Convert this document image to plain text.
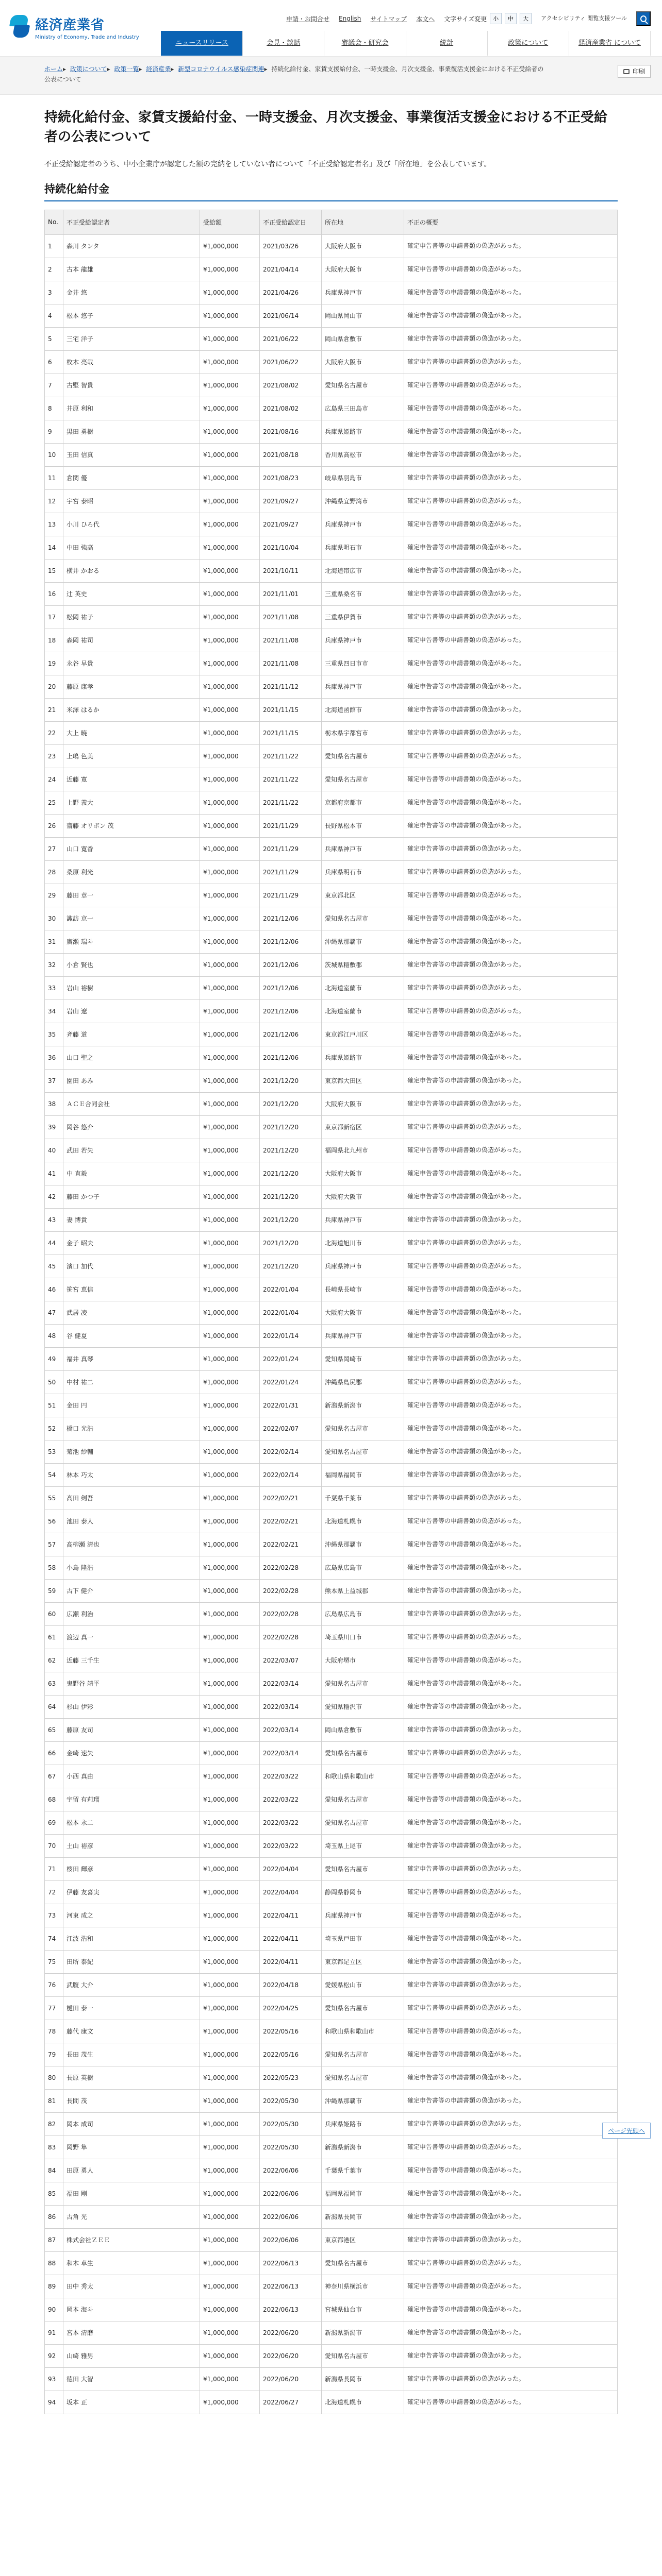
経済産業省
Ministry of Economy, Trade and Industry
申請・お問合せ English サイトマップ 本文へ 文字サイズ変更	小	中	大	アクセシビリティ 閲覧支援ツール
ニュースリリース	会見・談話	審議会・研究会	統計	政策について	経済産業省 について
ホーム▸ 政策について▸ 政策一覧▸ 経済産業▸ 新型コロナウイルス感染症関連▸ 持続化給付金、家賃支援給付金、一時支援金、月次支援金、事業復活支援金における不正受給者の公表について
印刷
持続化給付金、家賃支援給付金、一時支援金、月次支援金、事業復活支援金における不正受給者の公表について

不正受給認定者のうち、中小企業庁が認定した額の完納をしていない者について「不正受給認定者名」及び「所在地」を公表しています。

持続化給付金
No.	不正受給認定者	受給額	不正受給認定日	所在地	不正の概要
1	森川 タンタ	¥1,000,000	2021/03/26	大阪府大阪市	確定申告書等の申請書類の偽造があった。
2	古本 龍雄	¥1,000,000	2021/04/14	大阪府大阪市	確定申告書等の申請書類の偽造があった。
3	金井 悠	¥1,000,000	2021/04/26	兵庫県神戸市	確定申告書等の申請書類の偽造があった。
4	松本 悠子	¥1,000,000	2021/06/14	岡山県岡山市	確定申告書等の申請書類の偽造があった。
5	三宅 洋子	¥1,000,000	2021/06/22	岡山県倉敷市	確定申告書等の申請書類の偽造があった。
6	枚木 亮哉	¥1,000,000	2021/06/22	大阪府大阪市	確定申告書等の申請書類の偽造があった。
7	古堅 智貴	¥1,000,000	2021/08/02	愛知県名古屋市	確定申告書等の申請書類の偽造があった。
8	井原 利和	¥1,000,000	2021/08/02	広島県三田島市	確定申告書等の申請書類の偽造があった。
9	黒田 勇樹	¥1,000,000	2021/08/16	兵庫県姫路市	確定申告書等の申請書類の偽造があった。
10	玉田 信真	¥1,000,000	2021/08/18	香川県高松市	確定申告書等の申請書類の偽造があった。
11	倉関 優	¥1,000,000	2021/08/23	岐阜県羽島市	確定申告書等の申請書類の偽造があった。
12	宇宮 泰昭	¥1,000,000	2021/09/27	沖縄県宜野湾市	確定申告書等の申請書類の偽造があった。
13	小川 ひろ代	¥1,000,000	2021/09/27	兵庫県神戸市	確定申告書等の申請書類の偽造があった。
14	中田 強高	¥1,000,000	2021/10/04	兵庫県明石市	確定申告書等の申請書類の偽造があった。
15	横井 かおる	¥1,000,000	2021/10/11	北海道帯広市	確定申告書等の申請書類の偽造があった。
16	辻 英史	¥1,000,000	2021/11/01	三重県桑名市	確定申告書等の申請書類の偽造があった。
17	松岡 祐子	¥1,000,000	2021/11/08	三重県伊賀市	確定申告書等の申請書類の偽造があった。
18	森岡 祐司	¥1,000,000	2021/11/08	兵庫県神戸市	確定申告書等の申請書類の偽造があった。
19	永谷 早貴	¥1,000,000	2021/11/08	三重県四日市市	確定申告書等の申請書類の偽造があった。
20	藤原 康孝	¥1,000,000	2021/11/12	兵庫県神戸市	確定申告書等の申請書類の偽造があった。
21	米澤 はるか	¥1,000,000	2021/11/15	北海道函館市	確定申告書等の申請書類の偽造があった。
22	大上 暁	¥1,000,000	2021/11/15	栃木県宇都宮市	確定申告書等の申請書類の偽造があった。
23	上嶋 色美	¥1,000,000	2021/11/22	愛知県名古屋市	確定申告書等の申請書類の偽造があった。
24	近藤 寛	¥1,000,000	2021/11/22	愛知県名古屋市	確定申告書等の申請書類の偽造があった。
25	上野 義大	¥1,000,000	2021/11/22	京都府京都市	確定申告書等の申請書類の偽造があった。
26	齋藤 オリボン 茂	¥1,000,000	2021/11/29	長野県松本市	確定申告書等の申請書類の偽造があった。
27	山口 寛香	¥1,000,000	2021/11/29	兵庫県神戸市	確定申告書等の申請書類の偽造があった。
28	桑原 利光	¥1,000,000	2021/11/29	兵庫県明石市	確定申告書等の申請書類の偽造があった。
29	藤田 章一	¥1,000,000	2021/11/29	東京都北区	確定申告書等の申請書類の偽造があった。
30	諏訪 京一	¥1,000,000	2021/12/06	愛知県名古屋市	確定申告書等の申請書類の偽造があった。
31	廣瀬 瑞斗	¥1,000,000	2021/12/06	沖縄県那覇市	確定申告書等の申請書類の偽造があった。
32	小倉 賢也	¥1,000,000	2021/12/06	茨城県稲敷郡	確定申告書等の申請書類の偽造があった。
33	岩山 裕樹	¥1,000,000	2021/12/06	北海道室蘭市	確定申告書等の申請書類の偽造があった。
34	岩山 遼	¥1,000,000	2021/12/06	北海道室蘭市	確定申告書等の申請書類の偽造があった。
35	斉藤 道	¥1,000,000	2021/12/06	東京都江戸川区	確定申告書等の申請書類の偽造があった。
36	山口 聖之	¥1,000,000	2021/12/06	兵庫県姫路市	確定申告書等の申請書類の偽造があった。
37	園田 あみ	¥1,000,000	2021/12/20	東京都大田区	確定申告書等の申請書類の偽造があった。
38	ＡＣＥ合同会社	¥1,000,000	2021/12/20	大阪府大阪市	確定申告書等の申請書類の偽造があった。
39	岡谷 悠介	¥1,000,000	2021/12/20	東京都新宿区	確定申告書等の申請書類の偽造があった。
40	武田 若矢	¥1,000,000	2021/12/20	福岡県北九州市	確定申告書等の申請書類の偽造があった。
41	中 直毅	¥1,000,000	2021/12/20	大阪府大阪市	確定申告書等の申請書類の偽造があった。
42	藤田 かつ子	¥1,000,000	2021/12/20	大阪府大阪市	確定申告書等の申請書類の偽造があった。
43	妻 博貴	¥1,000,000	2021/12/20	兵庫県神戸市	確定申告書等の申請書類の偽造があった。
44	金子 昭夫	¥1,000,000	2021/12/20	北海道旭川市	確定申告書等の申請書類の偽造があった。
45	濱口 加代	¥1,000,000	2021/12/20	兵庫県神戸市	確定申告書等の申請書類の偽造があった。
46	笹宮 恵信	¥1,000,000	2022/01/04	長崎県長崎市	確定申告書等の申請書類の偽造があった。
47	武居 凌	¥1,000,000	2022/01/04	大阪府大阪市	確定申告書等の申請書類の偽造があった。
48	谷 健夏	¥1,000,000	2022/01/14	兵庫県神戸市	確定申告書等の申請書類の偽造があった。
49	福井 真琴	¥1,000,000	2022/01/24	愛知県岡崎市	確定申告書等の申請書類の偽造があった。
50	中村 祐二	¥1,000,000	2022/01/24	沖縄県島尻郡	確定申告書等の申請書類の偽造があった。
51	金田 円	¥1,000,000	2022/01/31	新潟県新潟市	確定申告書等の申請書類の偽造があった。
52	橋口 光浩	¥1,000,000	2022/02/07	愛知県名古屋市	確定申告書等の申請書類の偽造があった。
53	菊池 紗輔	¥1,000,000	2022/02/14	愛知県名古屋市	確定申告書等の申請書類の偽造があった。
54	林本 巧太	¥1,000,000	2022/02/14	福岡県福岡市	確定申告書等の申請書類の偽造があった。
55	高田 剣吾	¥1,000,000	2022/02/21	千葉県千葉市	確定申告書等の申請書類の偽造があった。
56	池田 泰人	¥1,000,000	2022/02/21	北海道札幌市	確定申告書等の申請書類の偽造があった。
57	高柳瀬 清也	¥1,000,000	2022/02/21	沖縄県那覇市	確定申告書等の申請書類の偽造があった。
58	小島 隆浩	¥1,000,000	2022/02/28	広島県広島市	確定申告書等の申請書類の偽造があった。
59	古下 健介	¥1,000,000	2022/02/28	熊本県上益城郡	確定申告書等の申請書類の偽造があった。
60	広瀬 利治	¥1,000,000	2022/02/28	広島県広島市	確定申告書等の申請書類の偽造があった。
61	渡辺 真一	¥1,000,000	2022/02/28	埼玉県川口市	確定申告書等の申請書類の偽造があった。
62	近藤 三千生	¥1,000,000	2022/03/07	大阪府堺市	確定申告書等の申請書類の偽造があった。
63	鬼野谷 靖平	¥1,000,000	2022/03/14	愛知県名古屋市	確定申告書等の申請書類の偽造があった。
64	杉山 伊彩	¥1,000,000	2022/03/14	愛知県稲沢市	確定申告書等の申請書類の偽造があった。
65	藤原 友司	¥1,000,000	2022/03/14	岡山県倉敷市	確定申告書等の申請書類の偽造があった。
66	金崎 速矢	¥1,000,000	2022/03/14	愛知県名古屋市	確定申告書等の申請書類の偽造があった。
67	小西 真由	¥1,000,000	2022/03/22	和歌山県和歌山市	確定申告書等の申請書類の偽造があった。
68	宇留 有莉瑠	¥1,000,000	2022/03/22	愛知県名古屋市	確定申告書等の申請書類の偽造があった。
69	松本 永二	¥1,000,000	2022/03/22	愛知県名古屋市	確定申告書等の申請書類の偽造があった。
70	土山 裕彦	¥1,000,000	2022/03/22	埼玉県上尾市	確定申告書等の申請書類の偽造があった。
71	桜田 輝彦	¥1,000,000	2022/04/04	愛知県名古屋市	確定申告書等の申請書類の偽造があった。
72	伊藤 友喜実	¥1,000,000	2022/04/04	静岡県静岡市	確定申告書等の申請書類の偽造があった。
73	河東 成之	¥1,000,000	2022/04/11	兵庫県神戸市	確定申告書等の申請書類の偽造があった。
74	江波 浩和	¥1,000,000	2022/04/11	埼玉県戸田市	確定申告書等の申請書類の偽造があった。
75	田所 泰紀	¥1,000,000	2022/04/11	東京都足立区	確定申告書等の申請書類の偽造があった。
76	武腹 大介	¥1,000,000	2022/04/18	愛媛県松山市	確定申告書等の申請書類の偽造があった。
77	樋田 泰一	¥1,000,000	2022/04/25	愛知県名古屋市	確定申告書等の申請書類の偽造があった。
78	藤代 康文	¥1,000,000	2022/05/16	和歌山県和歌山市	確定申告書等の申請書類の偽造があった。
79	長田 茂生	¥1,000,000	2022/05/16	愛知県名古屋市	確定申告書等の申請書類の偽造があった。
80	長原 英樹	¥1,000,000	2022/05/23	愛知県名古屋市	確定申告書等の申請書類の偽造があった。
81	長間 茂	¥1,000,000	2022/05/30	沖縄県那覇市	確定申告書等の申請書類の偽造があった。
82	岡本 成司	¥1,000,000	2022/05/30	兵庫県姫路市	確定申告書等の申請書類の偽造があった。
83	岡野 隼	¥1,000,000	2022/05/30	新潟県新潟市	確定申告書等の申請書類の偽造があった。
84	田原 勇人	¥1,000,000	2022/06/06	千葉県千葉市	確定申告書等の申請書類の偽造があった。
85	福田 剛	¥1,000,000	2022/06/06	福岡県福岡市	確定申告書等の申請書類の偽造があった。
86	古角 光	¥1,000,000	2022/06/06	新潟県長岡市	確定申告書等の申請書類の偽造があった。
87	株式会社ＺＥＥ	¥1,000,000	2022/06/06	東京都港区	確定申告書等の申請書類の偽造があった。
88	和木 卓生	¥1,000,000	2022/06/13	愛知県名古屋市	確定申告書等の申請書類の偽造があった。
89	田中 秀太	¥1,000,000	2022/06/13	神奈川県横浜市	確定申告書等の申請書類の偽造があった。
90	岡本 海斗	¥1,000,000	2022/06/13	宮城県仙台市	確定申告書等の申請書類の偽造があった。
91	宮本 清磨	¥1,000,000	2022/06/20	新潟県新潟市	確定申告書等の申請書類の偽造があった。
92	山崎 雅男	¥1,000,000	2022/06/20	愛知県名古屋市	確定申告書等の申請書類の偽造があった。
93	徳田 大智	¥1,000,000	2022/06/20	新潟県長岡市	確定申告書等の申請書類の偽造があった。
94	坂本 正	¥1,000,000	2022/06/27	北海道札幌市	確定申告書等の申請書類の偽造があった。
ページ先頭へ
